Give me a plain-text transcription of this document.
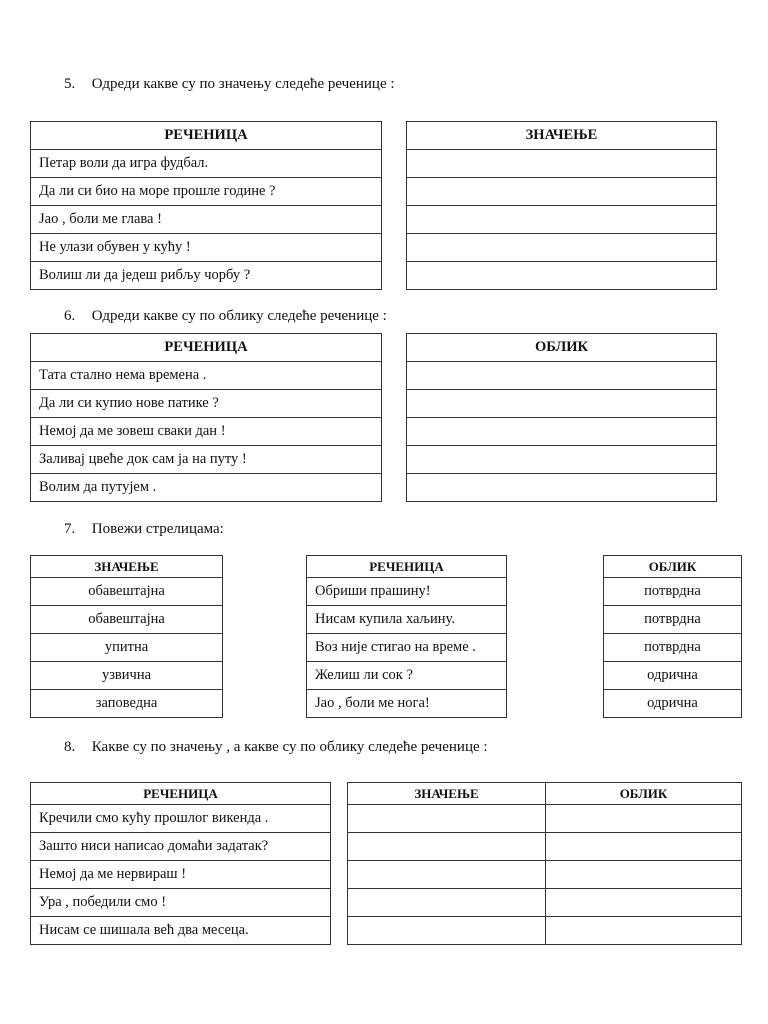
5. Одреди какве су по значењу следеће реченице :
РЕЧЕНИЦА
Петар воли да игра фудбал.
Да ли си био на море прошле године ?
Јао , боли ме глава !
Не улази обувен у кућу !
Волиш ли да једеш рибљу чорбу ?
ЗНАЧЕЊЕ

6. Одреди какве су по облику следеће реченице :
РЕЧЕНИЦА
Тата стално нема времена .
Да ли си купио нове патике ?
Немој да ме зовеш сваки дан !
Заливај цвеће док сам ја на путу !
Волим да путујем .
ОБЛИК

7. Повежи стрелицама:
ЗНАЧЕЊЕ
обавештајна
обавештајна
упитна
узвична
заповедна
РЕЧЕНИЦА
Обриши прашину!
Нисам купила хаљину.
Воз није стигао на време .
Желиш ли сок ?
Јао , боли ме нога!
ОБЛИК
потврдна
потврдна
потврдна
одрична
одрична
8. Какве су по значењу , а какве су по облику следеће реченице :
РЕЧЕНИЦА
Кречили смо кућу прошлог викенда .
Зашто ниси написао домаћи задатак?
Немој да ме нервираш !
Ура , победили смо !
Нисам се шишала већ два месеца.
ЗНАЧЕЊЕ	ОБЛИК
